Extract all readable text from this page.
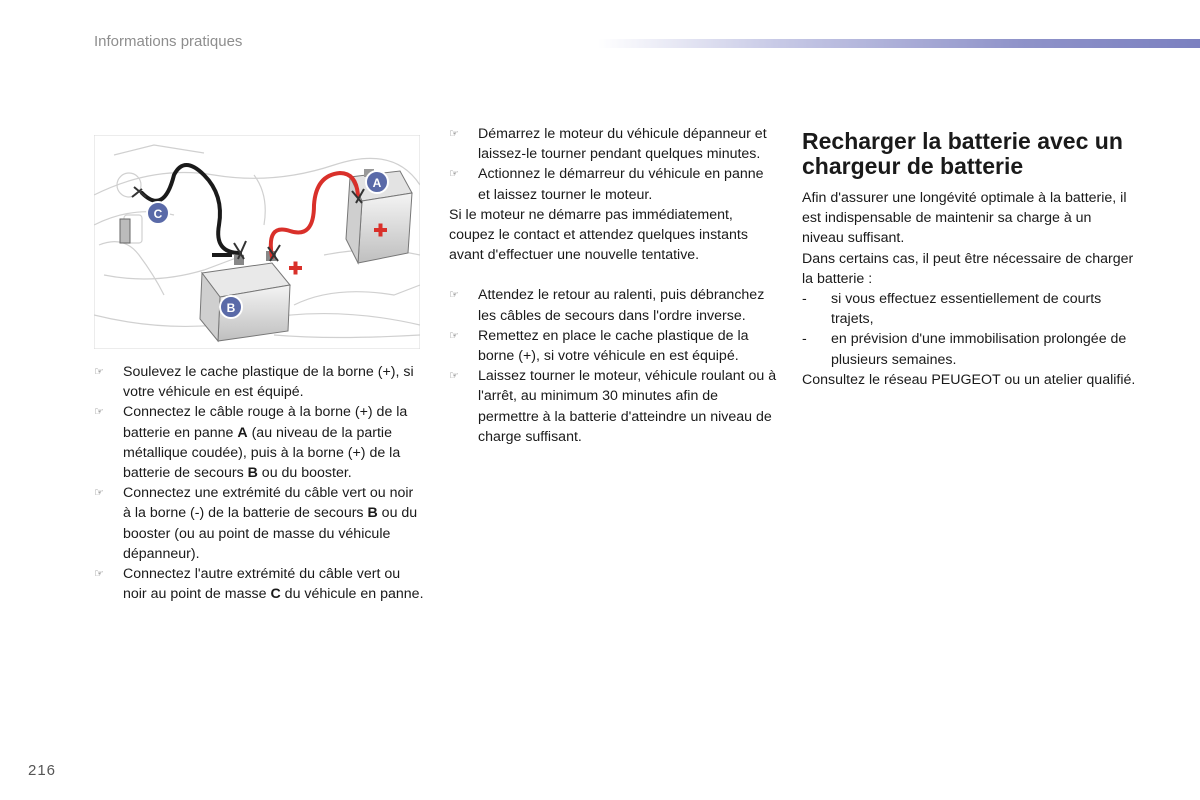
Informations pratiques
A
B
C

☞ Soulevez le cache plastique de la borne (+), si votre véhicule en est équipé.

☞ Connectez le câble rouge à la borne (+) de la batterie en panne A (au niveau de la partie métallique coudée), puis à la borne (+) de la batterie de secours B ou du booster.

☞ Connectez une extrémité du câble vert ou noir à la borne (-) de la batterie de secours B ou du booster (ou au point de masse du véhicule dépanneur).

☞ Connectez l'autre extrémité du câble vert ou noir au point de masse C du véhicule en panne.

☞ Démarrez le moteur du véhicule dépanneur et laissez-le tourner pendant quelques minutes.

☞ Actionnez le démarreur du véhicule en panne et laissez tourner le moteur.

Si le moteur ne démarre pas immédiatement, coupez le contact et attendez quelques instants avant d'effectuer une nouvelle tentative.

☞ Attendez le retour au ralenti, puis débranchez les câbles de secours dans l'ordre inverse.

☞ Remettez en place le cache plastique de la borne (+), si votre véhicule en est équipé.

☞ Laissez tourner le moteur, véhicule roulant ou à l'arrêt, au minimum 30 minutes afin de permettre à la batterie d'atteindre un niveau de charge suffisant.

Recharger la batterie avec un chargeur de batterie

Afin d'assurer une longévité optimale à la batterie, il est indispensable de maintenir sa charge à un niveau suffisant.

Dans certains cas, il peut être nécessaire de charger la batterie :

- si vous effectuez essentiellement de courts trajets,

- en prévision d'une immobilisation prolongée de plusieurs semaines.

Consultez le réseau PEUGEOT ou un atelier qualifié.

216
